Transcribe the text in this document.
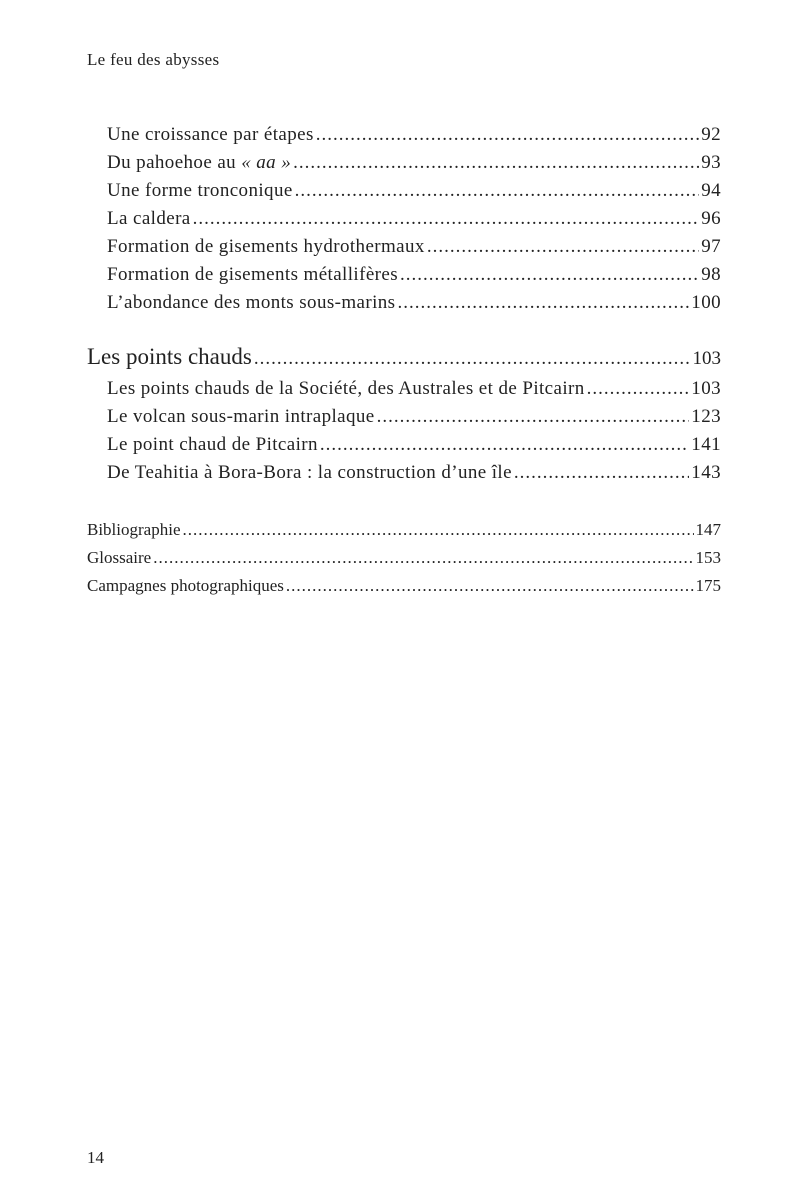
Le feu des abysses
Une croissance par étapes .....	92
Du pahoehoe au « aa » .....	93
Une forme tronconique .....	94
La caldera .....	96
Formation de gisements hydrothermaux .....	97
Formation de gisements métallifères .....	98
L’abondance des monts sous-marins .....	100
Les points chauds .....	103
Les points chauds de la Société, des Australes et de Pitcairn .....	103
Le volcan sous-marin intraplaque .....	123
Le point chaud de Pitcairn .....	141
De Teahitia à Bora-Bora : la construction d’une île .....	143
Bibliographie .....	147
Glossaire .....	153
Campagnes photographiques .....	175
14
